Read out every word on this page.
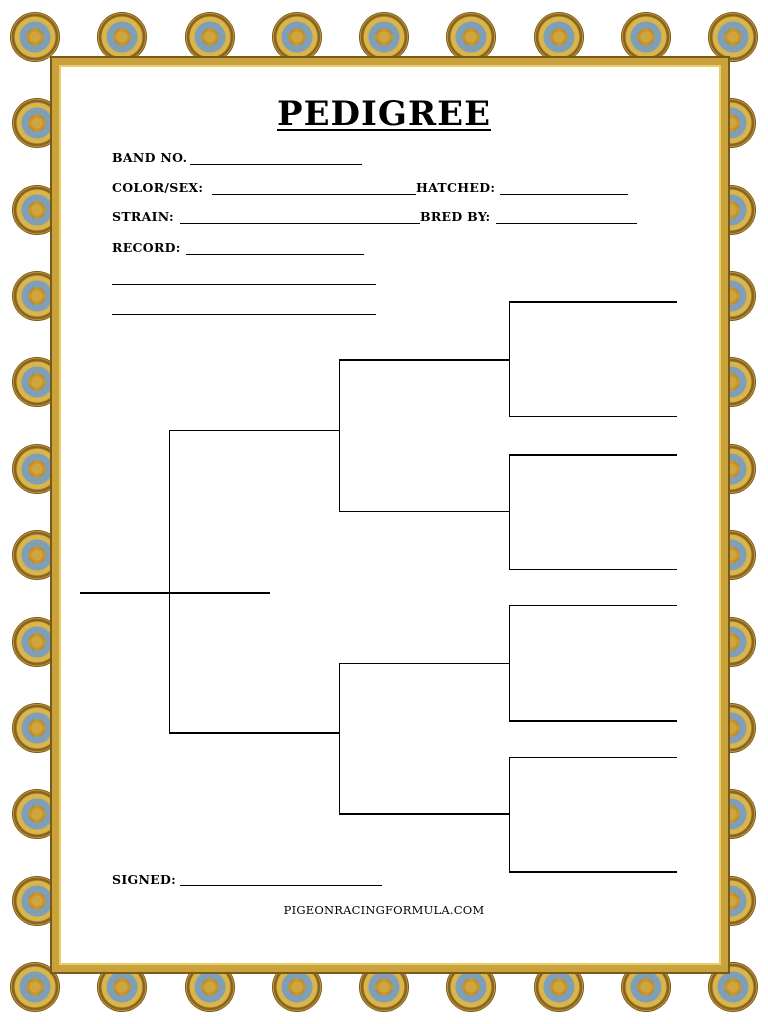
PEDIGREE
BAND NO.
COLOR/SEX:	HATCHED:
STRAIN:	BRED BY:
RECORD:
SIGNED:
PIGEONRACINGFORMULA.COM
